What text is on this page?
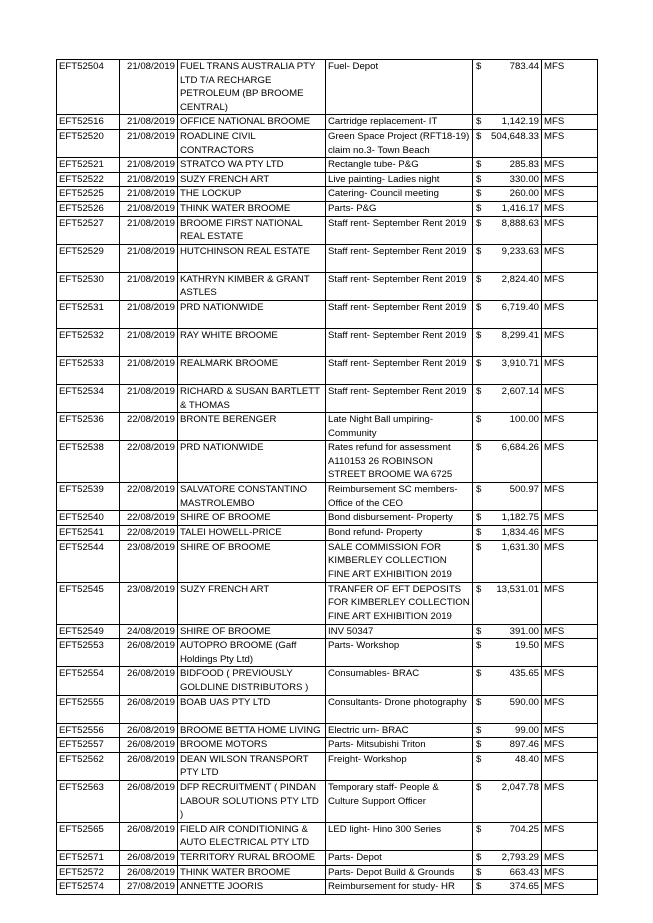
EFT52504	21/08/2019	FUEL TRANS AUSTRALIA PTY LTD T/A RECHARGE PETROLEUM (BP BROOME CENTRAL)	Fuel- Depot	$	783.44	MFS
EFT52516	21/08/2019	OFFICE NATIONAL BROOME	Cartridge replacement- IT	$	1,142.19	MFS
EFT52520	21/08/2019	ROADLINE CIVIL CONTRACTORS	Green Space Project (RFT18-19) claim no.3- Town Beach	$	504,648.33	MFS
EFT52521	21/08/2019	STRATCO WA PTY LTD	Rectangle tube- P&G	$	285.83	MFS
EFT52522	21/08/2019	SUZY FRENCH ART	Live painting- Ladies night	$	330.00	MFS
EFT52525	21/08/2019	THE LOCKUP	Catering- Council meeting	$	260.00	MFS
EFT52526	21/08/2019	THINK WATER BROOME	Parts- P&G	$	1,416.17	MFS
EFT52527	21/08/2019	BROOME FIRST NATIONAL REAL ESTATE	Staff rent- September Rent 2019	$	8,888.63	MFS
EFT52529	21/08/2019	HUTCHINSON REAL ESTATE	Staff rent- September Rent 2019	$	9,233.63	MFS
EFT52530	21/08/2019	KATHRYN KIMBER & GRANT ASTLES	Staff rent- September Rent 2019	$	2,824.40	MFS
EFT52531	21/08/2019	PRD NATIONWIDE	Staff rent- September Rent 2019	$	6,719.40	MFS
EFT52532	21/08/2019	RAY WHITE BROOME	Staff rent- September Rent 2019	$	8,299.41	MFS
EFT52533	21/08/2019	REALMARK BROOME	Staff rent- September Rent 2019	$	3,910.71	MFS
EFT52534	21/08/2019	RICHARD & SUSAN BARTLETT & THOMAS	Staff rent- September Rent 2019	$	2,607.14	MFS
EFT52536	22/08/2019	BRONTE BERENGER	Late Night Ball umpiring- Community	$	100.00	MFS
EFT52538	22/08/2019	PRD NATIONWIDE	Rates refund for assessment A110153 26 ROBINSON STREET BROOME WA 6725	$	6,684.26	MFS
EFT52539	22/08/2019	SALVATORE CONSTANTINO MASTROLEMBO	Reimbursement SC members- Office of the CEO	$	500.97	MFS
EFT52540	22/08/2019	SHIRE OF BROOME	Bond disbursement- Property	$	1,182.75	MFS
EFT52541	22/08/2019	TALEI HOWELL-PRICE	Bond refund- Property	$	1,834.46	MFS
EFT52544	23/08/2019	SHIRE OF BROOME	SALE COMMISSION FOR KIMBERLEY COLLECTION FINE ART EXHIBITION 2019	$	1,631.30	MFS
EFT52545	23/08/2019	SUZY FRENCH ART	TRANFER OF EFT DEPOSITS FOR KIMBERLEY COLLECTION FINE ART EXHIBITION 2019	$	13,531.01	MFS
EFT52549	24/08/2019	SHIRE OF BROOME	INV 50347	$	391.00	MFS
EFT52553	26/08/2019	AUTOPRO BROOME (Gaff Holdings Pty Ltd)	Parts- Workshop	$	19.50	MFS
EFT52554	26/08/2019	BIDFOOD ( PREVIOUSLY GOLDLINE DISTRIBUTORS )	Consumables- BRAC	$	435.65	MFS
EFT52555	26/08/2019	BOAB UAS PTY LTD	Consultants- Drone photography	$	590.00	MFS
EFT52556	26/08/2019	BROOME BETTA HOME LIVING	Electric urn- BRAC	$	99.00	MFS
EFT52557	26/08/2019	BROOME MOTORS	Parts- Mitsubishi Triton	$	897.46	MFS
EFT52562	26/08/2019	DEAN WILSON TRANSPORT PTY LTD	Freight- Workshop	$	48.40	MFS
EFT52563	26/08/2019	DFP RECRUITMENT ( PINDAN LABOUR SOLUTIONS PTY LTD )	Temporary staff- People & Culture Support Officer	$	2,047.78	MFS
EFT52565	26/08/2019	FIELD AIR CONDITIONING & AUTO ELECTRICAL PTY LTD	LED light- Hino 300 Series	$	704.25	MFS
EFT52571	26/08/2019	TERRITORY RURAL BROOME	Parts- Depot	$	2,793.29	MFS
EFT52572	26/08/2019	THINK WATER BROOME	Parts- Depot Build & Grounds	$	663.43	MFS
EFT52574	27/08/2019	ANNETTE JOORIS	Reimbursement for study- HR	$	374.65	MFS
